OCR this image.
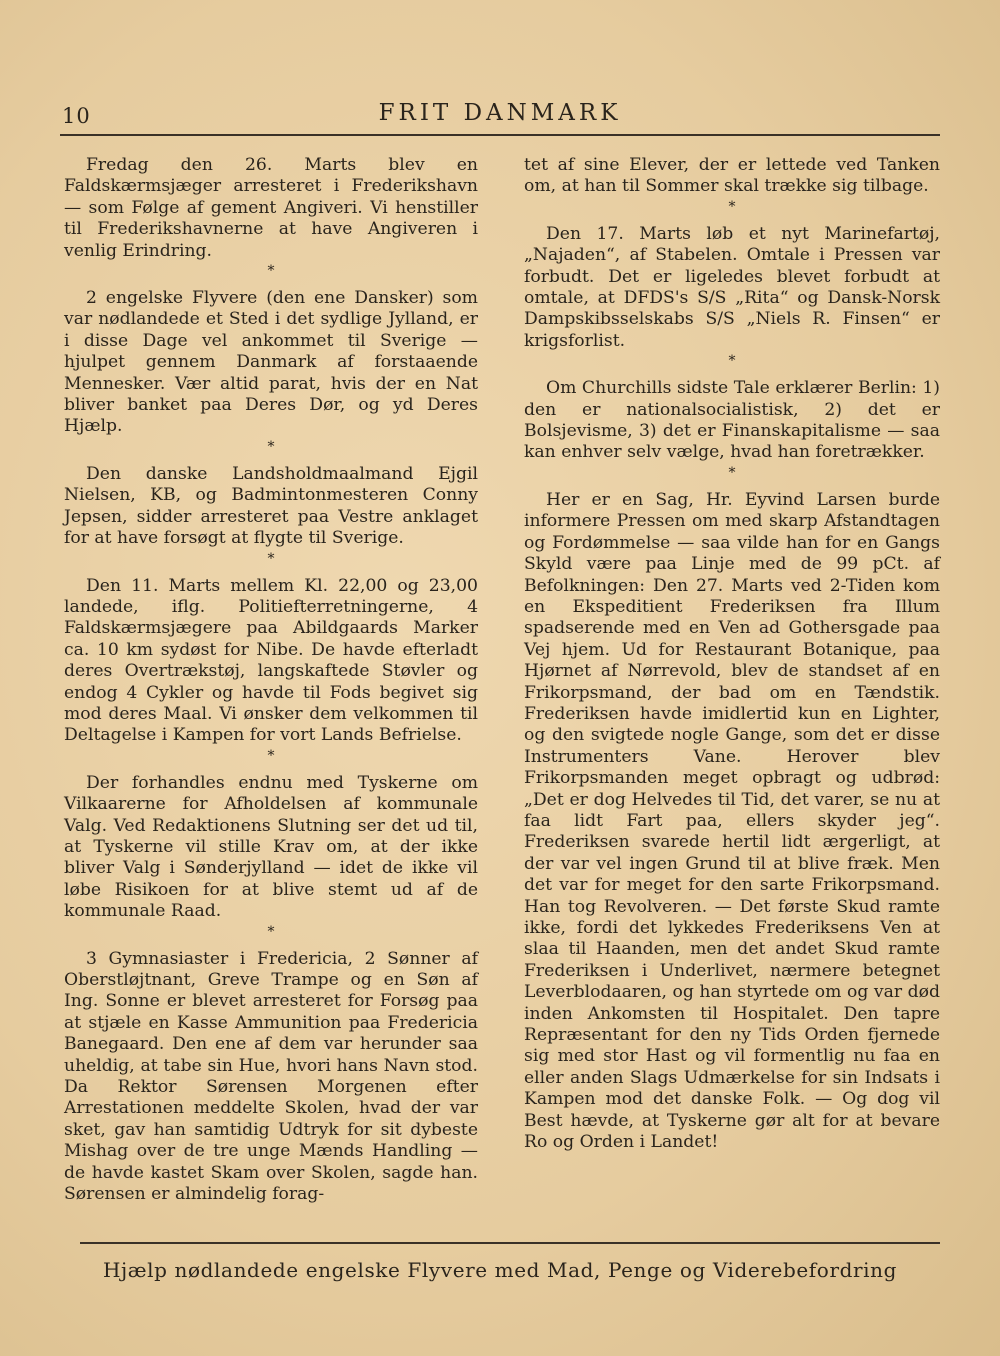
10	FRIT DANMARK

Fredag den 26. Marts blev en Faldskærmsjæger arresteret i Frederikshavn — som Følge af gement Angiveri. Vi henstiller til Frederikshavnerne at have Angiveren i venlig Erindring.

*

2 engelske Flyvere (den ene Dansker) som var nødlandede et Sted i det sydlige Jylland, er i disse Dage vel ankommet til Sverige — hjulpet gennem Danmark af forstaaende Mennesker. Vær altid parat, hvis der en Nat bliver banket paa Deres Dør, og yd Deres Hjælp.

*

Den danske Landsholdmaalmand Ejgil Nielsen, KB, og Badmintonmesteren Conny Jepsen, sidder arresteret paa Vestre anklaget for at have forsøgt at flygte til Sverige.

*

Den 11. Marts mellem Kl. 22,00 og 23,00 landede, iflg. Politiefterretningerne, 4 Faldskærmsjægere paa Abildgaards Marker ca. 10 km sydøst for Nibe. De havde efterladt deres Overtrækstøj, langskaftede Støvler og endog 4 Cykler og havde til Fods begivet sig mod deres Maal. Vi ønsker dem velkommen til Deltagelse i Kampen for vort Lands Befrielse.

*

Der forhandles endnu med Tyskerne om Vilkaarerne for Afholdelsen af kommunale Valg. Ved Redaktionens Slutning ser det ud til, at Tyskerne vil stille Krav om, at der ikke bliver Valg i Sønderjylland — idet de ikke vil løbe Risikoen for at blive stemt ud af de kommunale Raad.

*

3 Gymnasiaster i Fredericia, 2 Sønner af Oberstløjtnant, Greve Trampe og en Søn af Ing. Sonne er blevet arresteret for Forsøg paa at stjæle en Kasse Ammunition paa Fredericia Banegaard. Den ene af dem var herunder saa uheldig, at tabe sin Hue, hvori hans Navn stod. Da Rektor Sørensen Morgenen efter Arrestationen meddelte Skolen, hvad der var sket, gav han samtidig Udtryk for sit dybeste Mishag over de tre unge Mænds Handling — de havde kastet Skam over Skolen, sagde han. Sørensen er almindelig forag-

tet af sine Elever, der er lettede ved Tanken om, at han til Sommer skal trække sig tilbage.

*

Den 17. Marts løb et nyt Marinefartøj, „Najaden“, af Stabelen. Omtale i Pressen var forbudt. Det er ligeledes blevet forbudt at omtale, at DFDS's S/S „Rita“ og Dansk-Norsk Dampskibsselskabs S/S „Niels R. Finsen“ er krigsforlist.

*

Om Churchills sidste Tale erklærer Berlin: 1) den er nationalsocialistisk, 2) det er Bolsjevisme, 3) det er Finanskapitalisme — saa kan enhver selv vælge, hvad han foretrækker.

*

Her er en Sag, Hr. Eyvind Larsen burde informere Pressen om med skarp Afstandtagen og Fordømmelse — saa vilde han for en Gangs Skyld være paa Linje med de 99 pCt. af Befolkningen: Den 27. Marts ved 2-Tiden kom en Ekspeditient Frederiksen fra Illum spadserende med en Ven ad Gothersgade paa Vej hjem. Ud for Restaurant Botanique, paa Hjørnet af Nørrevold, blev de standset af en Frikorpsmand, der bad om en Tændstik. Frederiksen havde imidlertid kun en Lighter, og den svigtede nogle Gange, som det er disse Instrumenters Vane. Herover blev Frikorpsmanden meget opbragt og udbrød: „Det er dog Helvedes til Tid, det varer, se nu at faa lidt Fart paa, ellers skyder jeg“. Frederiksen svarede hertil lidt ærgerligt, at der var vel ingen Grund til at blive fræk. Men det var for meget for den sarte Frikorpsmand. Han tog Revolveren. — Det første Skud ramte ikke, fordi det lykkedes Frederiksens Ven at slaa til Haanden, men det andet Skud ramte Frederiksen i Underlivet, nærmere betegnet Leverblodaaren, og han styrtede om og var død inden Ankomsten til Hospitalet. Den tapre Repræsentant for den ny Tids Orden fjernede sig med stor Hast og vil formentlig nu faa en eller anden Slags Udmærkelse for sin Indsats i Kampen mod det danske Folk. — Og dog vil Best hævde, at Tyskerne gør alt for at bevare Ro og Orden i Landet!

Hjælp nødlandede engelske Flyvere med Mad, Penge og Viderebefordring
